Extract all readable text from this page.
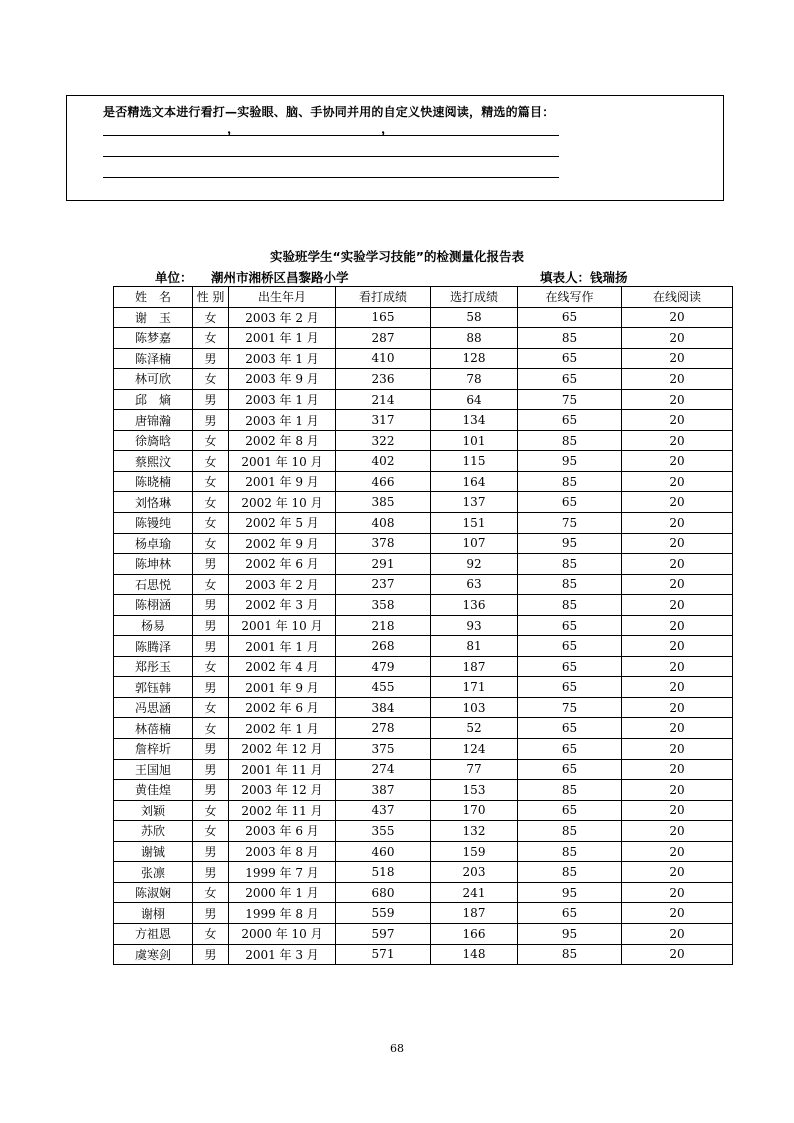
是否精选文本进行看打—实验眼、脑、手协同并用的自定义快速阅读，精选的篇目：
，	，
实验班学生“实验学习技能”的检测量化报告表
单位： 潮州市湘桥区昌黎路小学	填表人：钱瑞扬
姓　名	性 别	出生年月	看打成绩	选打成绩	在线写作	在线阅读
谢　玉	女	2003 年 2 月	165	58	65	20
陈梦嘉	女	2001 年 1 月	287	88	85	20
陈泽楠	男	2003 年 1 月	410	128	65	20
林可欣	女	2003 年 9 月	236	78	65	20
邱　熵	男	2003 年 1 月	214	64	75	20
唐锦瀚	男	2003 年 1 月	317	134	65	20
徐旖晗	女	2002 年 8 月	322	101	85	20
蔡熙汶	女	2001 年 10 月	402	115	95	20
陈晓楠	女	2001 年 9 月	466	164	85	20
刘恪琳	女	2002 年 10 月	385	137	65	20
陈镘纯	女	2002 年 5 月	408	151	75	20
杨卓瑜	女	2002 年 9 月	378	107	95	20
陈坤林	男	2002 年 6 月	291	92	85	20
石思悦	女	2003 年 2 月	237	63	85	20
陈栩涵	男	2002 年 3 月	358	136	85	20
杨易	男	2001 年 10 月	218	93	65	20
陈腾泽	男	2001 年 1 月	268	81	65	20
郑彤玉	女	2002 年 4 月	479	187	65	20
郭钰韩	男	2001 年 9 月	455	171	65	20
冯思涵	女	2002 年 6 月	384	103	75	20
林蓓楠	女	2002 年 1 月	278	52	65	20
詹梓圻	男	2002 年 12 月	375	124	65	20
王国旭	男	2001 年 11 月	274	77	65	20
黄佳煌	男	2003 年 12 月	387	153	85	20
刘颖	女	2002 年 11 月	437	170	65	20
苏欣	女	2003 年 6 月	355	132	85	20
谢铖	男	2003 年 8 月	460	159	85	20
张凛	男	1999 年 7 月	518	203	85	20
陈淑娴	女	2000 年 1 月	680	241	95	20
谢栩	男	1999 年 8 月	559	187	65	20
方祖恩	女	2000 年 10 月	597	166	95	20
虞寒剑	男	2001 年 3 月	571	148	85	20
68
